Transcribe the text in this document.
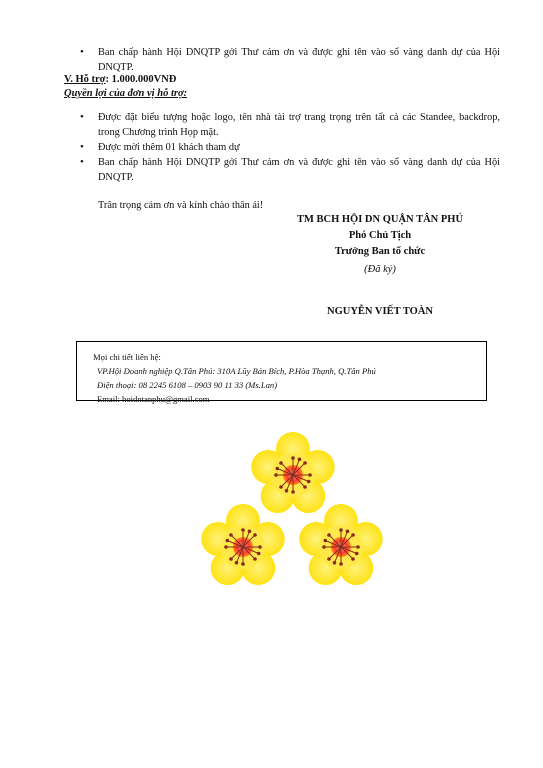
• Ban chấp hành Hội DNQTP gởi Thư cảm ơn và được ghi tên vào sổ vàng danh dự của Hội DNQTP.
V. Hỗ trợ: 1.000.000VNĐ
Quyền lợi của đơn vị hỗ trợ:
• Được đặt biểu tượng hoặc logo, tên nhà tài trợ trang trọng trên tất cả các Standee, backdrop, trong Chương trình Họp mặt.
• Được mời thêm 01 khách tham dự
• Ban chấp hành Hội DNQTP gởi Thư cảm ơn và được ghi tên vào sổ vàng danh dự của Hội DNQTP.
Trân trọng cảm ơn và kính chào thân ái!
TM BCH HỘI DN QUẬN TÂN PHÚ
Phó Chủ Tịch
Trưởng Ban tổ chức
(Đã ký)
NGUYỄN VIẾT TOÀN
Mọi chi tiết liên hệ:
VP.Hội Doanh nghiệp Q.Tân Phú: 310A Lũy Bán Bích, P.Hòa Thạnh, Q.Tân Phú
Điện thoại: 08 2245 6108 – 0903 90 11 33 (Ms.Lan)
Email: hoidntanphu@gmail.com
